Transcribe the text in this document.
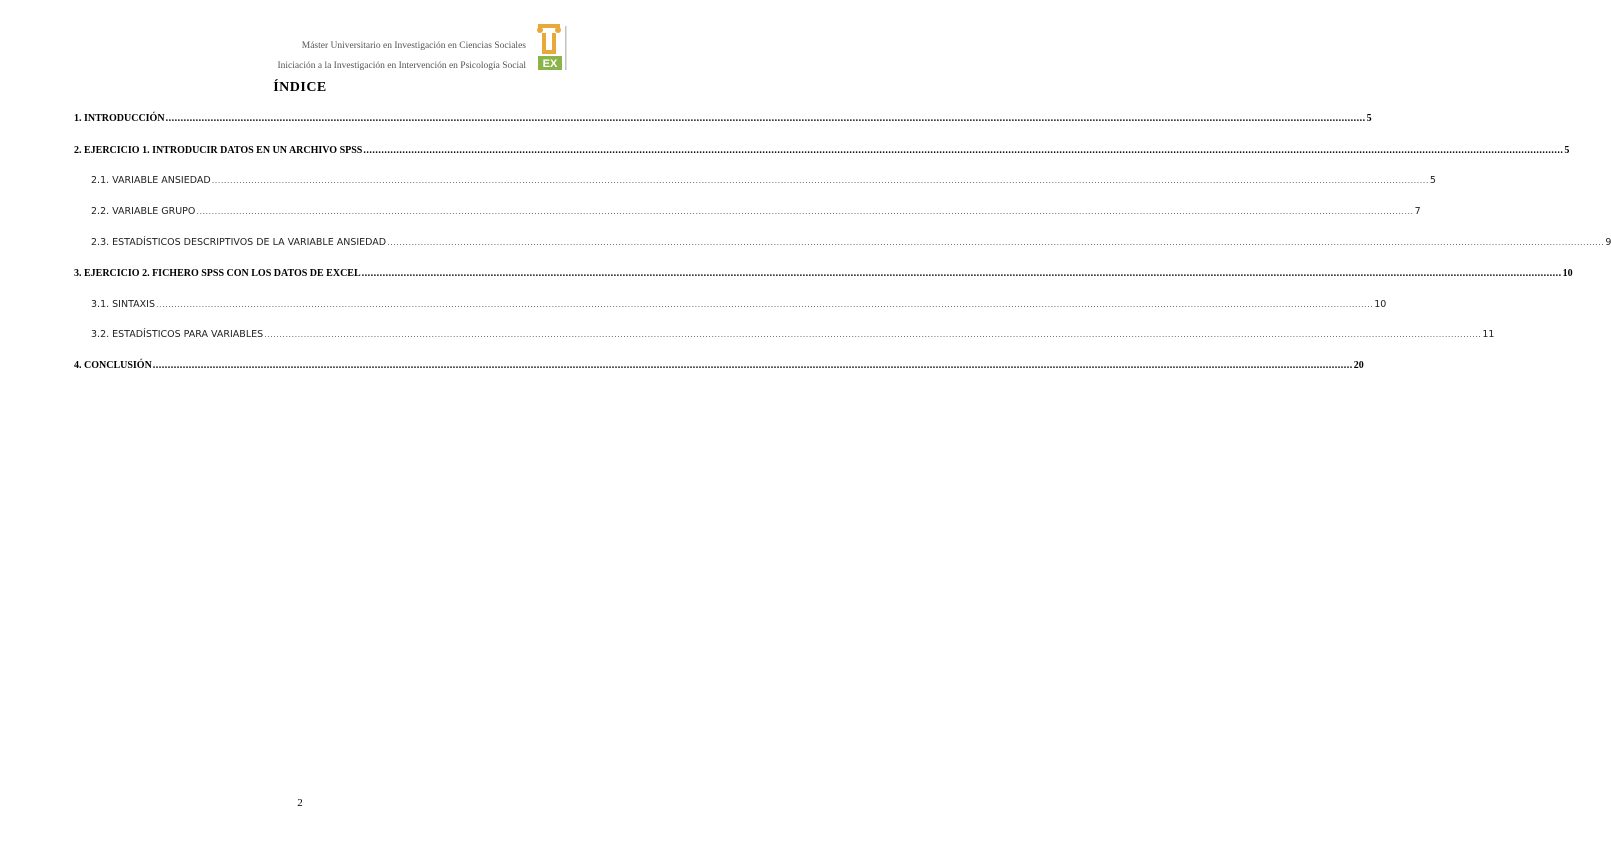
Máster Universitario en Investigación en Ciencias Sociales
Iniciación a la Investigación en Intervención en Psicología Social EX
ÍNDICE
1. INTRODUCCIÓN ................................................................................................................................................................................................................................................................................................................................................................................................................ 5
2. EJERCICIO 1. INTRODUCIR DATOS EN UN ARCHIVO SPSS ................................................................................................................................................................................................................................................................................................................................................................................................................ 5
2.1. VARIABLE ANSIEDAD ................................................................................................................................................................................................................................................................................................................................................................................................................ 5
2.2. VARIABLE GRUPO ................................................................................................................................................................................................................................................................................................................................................................................................................ 7
2.3. ESTADÍSTICOS DESCRIPTIVOS DE LA VARIABLE ANSIEDAD ................................................................................................................................................................................................................................................................................................................................................................................................................ 9
3. EJERCICIO 2. FICHERO SPSS CON LOS DATOS DE EXCEL ................................................................................................................................................................................................................................................................................................................................................................................................................ 10
3.1. SINTAXIS ................................................................................................................................................................................................................................................................................................................................................................................................................ 10
3.2. ESTADÍSTICOS PARA VARIABLES ................................................................................................................................................................................................................................................................................................................................................................................................................ 11
4. CONCLUSIÓN ................................................................................................................................................................................................................................................................................................................................................................................................................ 20
2
